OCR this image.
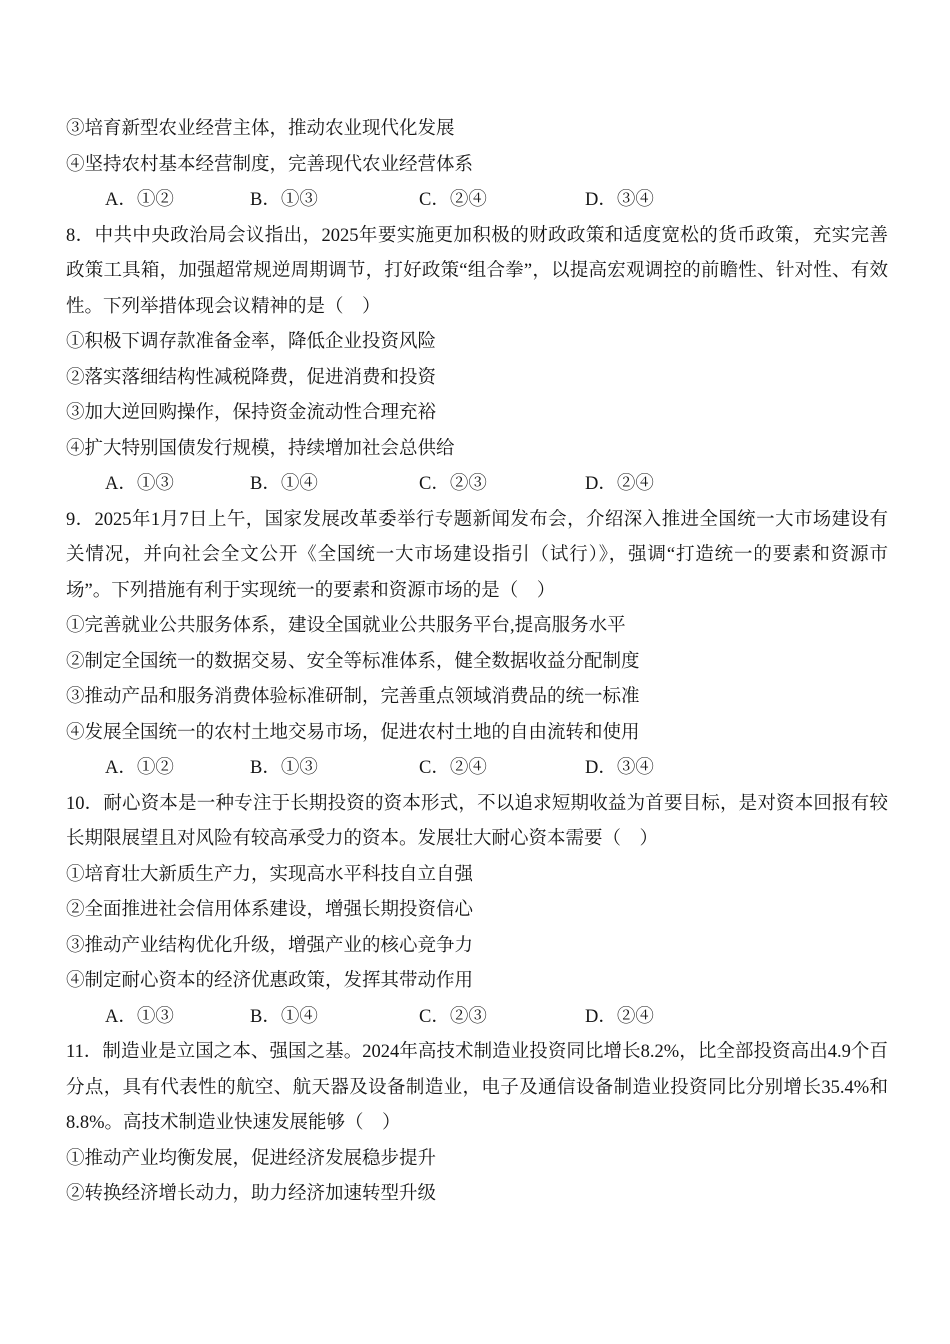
③培育新型农业经营主体，推动农业现代化发展

④坚持农村基本经营制度，完善现代农业经营体系

A．①②	B．①③	C．②④	D．③④

8．中共中央政治局会议指出，2025年要实施更加积极的财政政策和适度宽松的货币政策，充实完善政策工具箱，加强超常规逆周期调节，打好政策“组合拳”，以提高宏观调控的前瞻性、针对性、有效性。下列举措体现会议精神的是（　）

①积极下调存款准备金率，降低企业投资风险

②落实落细结构性减税降费，促进消费和投资

③加大逆回购操作，保持资金流动性合理充裕

④扩大特别国债发行规模，持续增加社会总供给

A．①③	B．①④	C．②③	D．②④

9．2025年1月7日上午，国家发展改革委举行专题新闻发布会，介绍深入推进全国统一大市场建设有关情况，并向社会全文公开《全国统一大市场建设指引（试行）》，强调“打造统一的要素和资源市场”。下列措施有利于实现统一的要素和资源市场的是（　）

①完善就业公共服务体系，建设全国就业公共服务平台,提高服务水平

②制定全国统一的数据交易、安全等标准体系，健全数据收益分配制度

③推动产品和服务消费体验标准研制，完善重点领域消费品的统一标准

④发展全国统一的农村土地交易市场，促进农村土地的自由流转和使用

A．①②	B．①③	C．②④	D．③④

10．耐心资本是一种专注于长期投资的资本形式，不以追求短期收益为首要目标，是对资本回报有较长期限展望且对风险有较高承受力的资本。发展壮大耐心资本需要（　）

①培育壮大新质生产力，实现高水平科技自立自强

②全面推进社会信用体系建设，增强长期投资信心

③推动产业结构优化升级，增强产业的核心竞争力

④制定耐心资本的经济优惠政策，发挥其带动作用

A．①③	B．①④	C．②③	D．②④

11．制造业是立国之本、强国之基。2024年高技术制造业投资同比增长8.2%，比全部投资高出4.9个百分点，具有代表性的航空、航天器及设备制造业，电子及通信设备制造业投资同比分别增长35.4%和8.8%。高技术制造业快速发展能够（　）

①推动产业均衡发展，促进经济发展稳步提升

②转换经济增长动力，助力经济加速转型升级
